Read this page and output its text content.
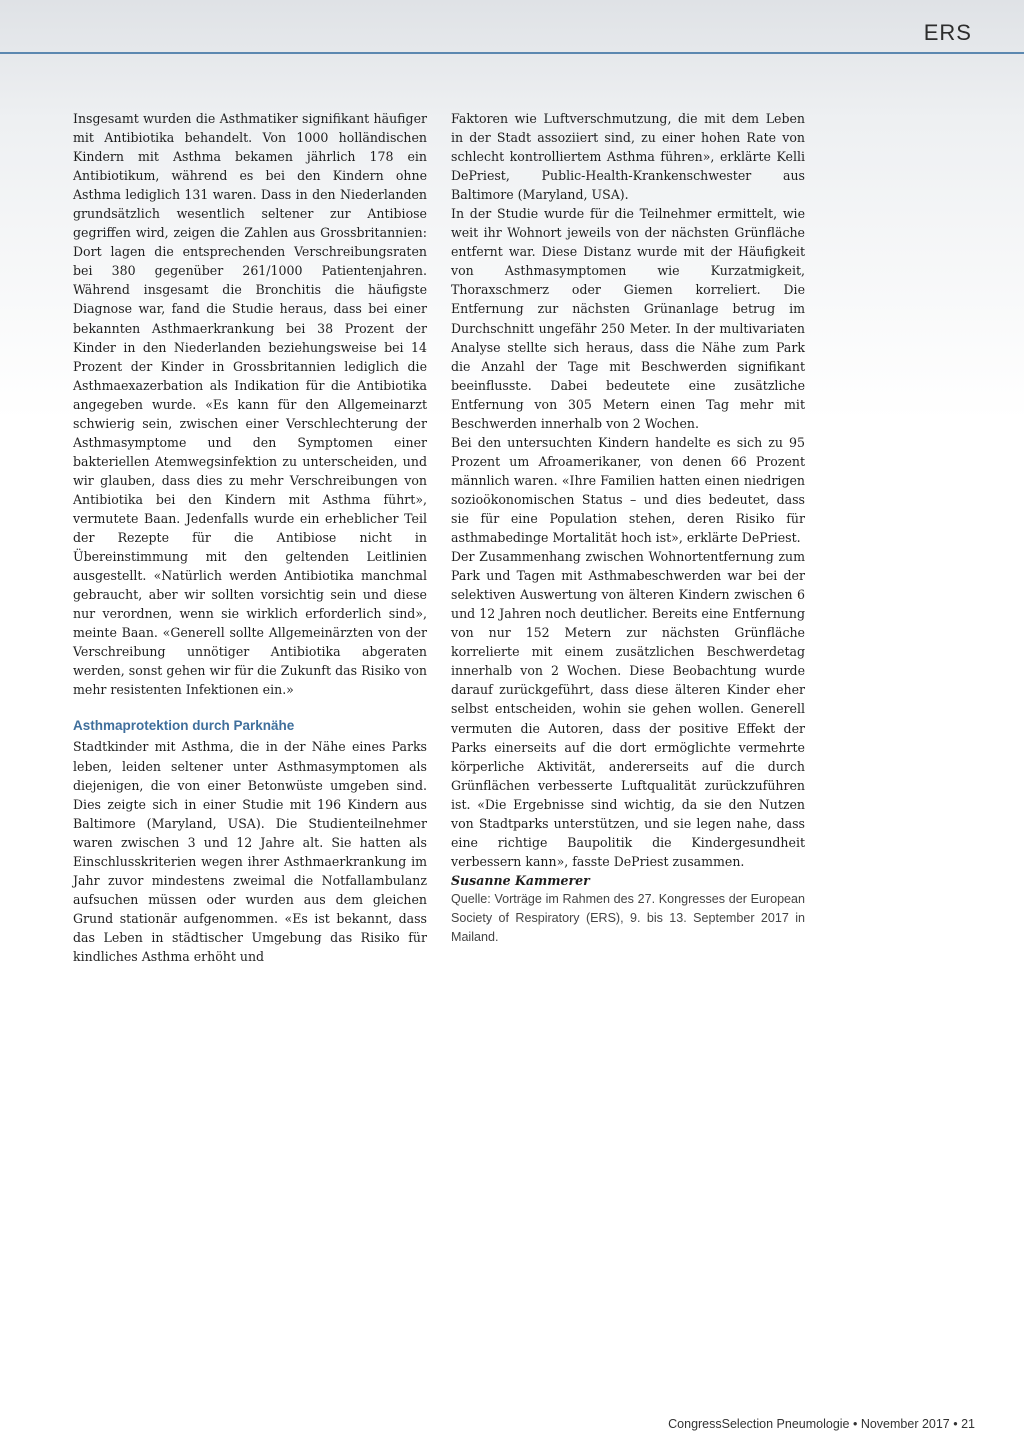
ERS

Insgesamt wurden die Asthmatiker signifikant häufiger mit Antibiotika behandelt. Von 1000 holländischen Kindern mit Asthma bekamen jährlich 178 ein Antibiotikum, während es bei den Kindern ohne Asthma lediglich 131 waren. Dass in den Niederlanden grundsätzlich wesentlich seltener zur Antibiose gegriffen wird, zeigen die Zahlen aus Grossbritannien: Dort lagen die entsprechenden Verschreibungsraten bei 380 gegenüber 261/1000 Patientenjahren. Während insgesamt die Bronchitis die häufigste Diagnose war, fand die Studie heraus, dass bei einer bekannten Asthmaerkrankung bei 38 Prozent der Kinder in den Niederlanden beziehungsweise bei 14 Prozent der Kinder in Grossbritannien lediglich die Asthmaexazerbation als Indikation für die Antibiotika angegeben wurde. «Es kann für den Allgemeinarzt schwierig sein, zwischen einer Verschlechterung der Asthmasymptome und den Symptomen einer bakteriellen Atemwegsinfektion zu unterscheiden, und wir glauben, dass dies zu mehr Verschreibungen von Antibiotika bei den Kindern mit Asthma führt», vermutete Baan. Jedenfalls wurde ein erheblicher Teil der Rezepte für die Antibiose nicht in Übereinstimmung mit den geltenden Leitlinien ausgestellt. «Natürlich werden Antibiotika manchmal gebraucht, aber wir sollten vorsichtig sein und diese nur verordnen, wenn sie wirklich erforderlich sind», meinte Baan. «Generell sollte Allgemeinärzten von der Verschreibung unnötiger Antibiotika abgeraten werden, sonst gehen wir für die Zukunft das Risiko von mehr resistenten Infektionen ein.»

Asthmaprotektion durch Parknähe

Stadtkinder mit Asthma, die in der Nähe eines Parks leben, leiden seltener unter Asthmasymptomen als diejenigen, die von einer Betonwüste umgeben sind. Dies zeigte sich in einer Studie mit 196 Kindern aus Baltimore (Maryland, USA). Die Studienteilnehmer waren zwischen 3 und 12 Jahre alt. Sie hatten als Einschlusskriterien wegen ihrer Asthmaerkrankung im Jahr zuvor mindestens zweimal die Notfallambulanz aufsuchen müssen oder wurden aus dem gleichen Grund stationär aufgenommen. «Es ist bekannt, dass das Leben in städtischer Umgebung das Risiko für kindliches Asthma erhöht und

Faktoren wie Luftverschmutzung, die mit dem Leben in der Stadt assoziiert sind, zu einer hohen Rate von schlecht kontrolliertem Asthma führen», erklärte Kelli DePriest, Public-Health-Krankenschwester aus Baltimore (Maryland, USA).

In der Studie wurde für die Teilnehmer ermittelt, wie weit ihr Wohnort jeweils von der nächsten Grünfläche entfernt war. Diese Distanz wurde mit der Häufigkeit von Asthmasymptomen wie Kurzatmigkeit, Thoraxschmerz oder Giemen korreliert. Die Entfernung zur nächsten Grünanlage betrug im Durchschnitt ungefähr 250 Meter. In der multivariaten Analyse stellte sich heraus, dass die Nähe zum Park die Anzahl der Tage mit Beschwerden signifikant beeinflusste. Dabei bedeutete eine zusätzliche Entfernung von 305 Metern einen Tag mehr mit Beschwerden innerhalb von 2 Wochen.

Bei den untersuchten Kindern handelte es sich zu 95 Prozent um Afroamerikaner, von denen 66 Prozent männlich waren. «Ihre Familien hatten einen niedrigen sozioökonomischen Status – und dies bedeutet, dass sie für eine Population stehen, deren Risiko für asthmabedinge Mortalität hoch ist», erklärte DePriest.

Der Zusammenhang zwischen Wohnortentfernung zum Park und Tagen mit Asthmabeschwerden war bei der selektiven Auswertung von älteren Kindern zwischen 6 und 12 Jahren noch deutlicher. Bereits eine Entfernung von nur 152 Metern zur nächsten Grünfläche korrelierte mit einem zusätzlichen Beschwerdetag innerhalb von 2 Wochen. Diese Beobachtung wurde darauf zurückgeführt, dass diese älteren Kinder eher selbst entscheiden, wohin sie gehen wollen. Generell vermuten die Autoren, dass der positive Effekt der Parks einerseits auf die dort ermöglichte vermehrte körperliche Aktivität, andererseits auf die durch Grünflächen verbesserte Luftqualität zurückzuführen ist. «Die Ergebnisse sind wichtig, da sie den Nutzen von Stadtparks unterstützen, und sie legen nahe, dass eine richtige Baupolitik die Kindergesundheit verbessern kann», fasste DePriest zusammen.

Susanne Kammerer

Quelle: Vorträge im Rahmen des 27. Kongresses der European Society of Respiratory (ERS), 9. bis 13. September 2017 in Mailand.

CongressSelection Pneumologie • November 2017 • 21
